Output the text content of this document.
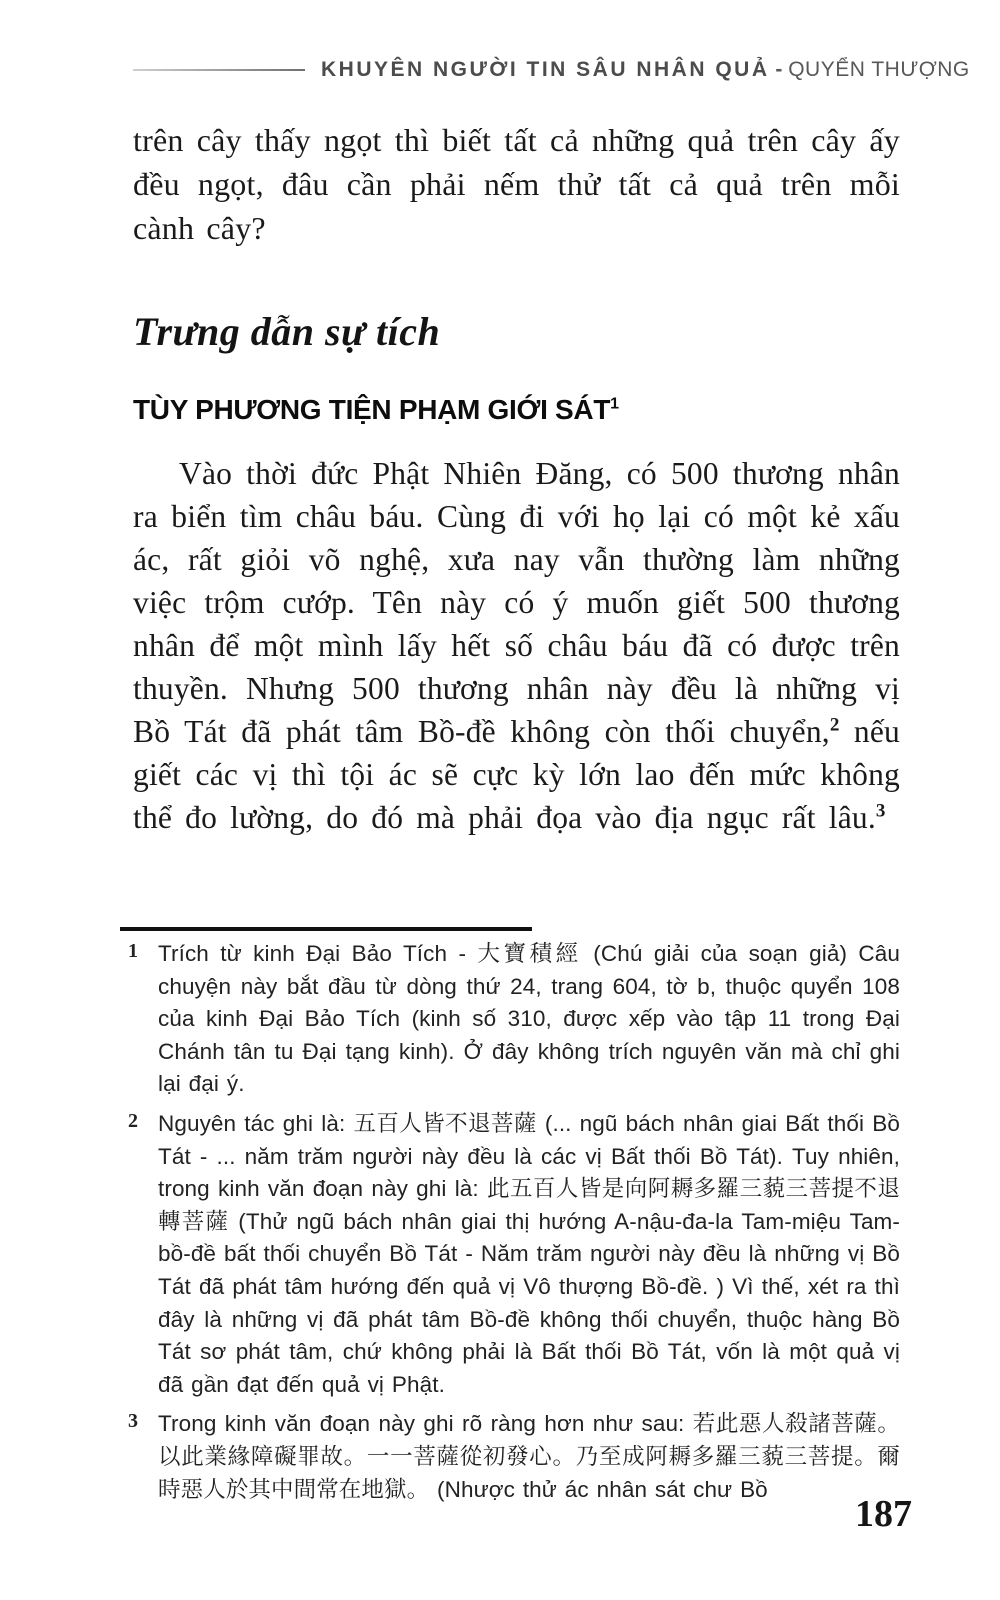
KHUYÊN NGƯỜI TIN SÂU NHÂN QUẢ - QUYỂN THƯỢNG

trên cây thấy ngọt thì biết tất cả những quả trên cây ấy đều ngọt, đâu cần phải nếm thử tất cả quả trên mỗi cành cây?

Trưng dẫn sự tích
TÙY PHƯƠNG TIỆN PHẠM GIỚI SÁT$^1$

Vào thời đức Phật Nhiên Đăng, có 500 thương nhân ra biển tìm châu báu. Cùng đi với họ lại có một kẻ xấu ác, rất giỏi võ nghệ, xưa nay vẫn thường làm những việc trộm cướp. Tên này có ý muốn giết 500 thương nhân để một mình lấy hết số châu báu đã có được trên thuyền. Nhưng 500 thương nhân này đều là những vị Bồ Tát đã phát tâm Bồ-đề không còn thối chuyển,$^2$ nếu giết các vị thì tội ác sẽ cực kỳ lớn lao đến mức không thể đo lường, do đó mà phải đọa vào địa ngục rất lâu.$^3$

1 Trích từ kinh Đại Bảo Tích - 大寶積經 (Chú giải của soạn giả) Câu chuyện này bắt đầu từ dòng thứ 24, trang 604, tờ b, thuộc quyển 108 của kinh Đại Bảo Tích (kinh số 310, được xếp vào tập 11 trong Đại Chánh tân tu Đại tạng kinh). Ở đây không trích nguyên văn mà chỉ ghi lại đại ý.
2 Nguyên tác ghi là: 五百人皆不退菩薩 (... ngũ bách nhân giai Bất thối Bồ Tát - ... năm trăm người này đều là các vị Bất thối Bồ Tát). Tuy nhiên, trong kinh văn đoạn này ghi là: 此五百人皆是向阿耨多羅三藐三菩提不退轉菩薩 (Thử ngũ bách nhân giai thị hướng A-nậu-đa-la Tam-miệu Tam-bồ-đề bất thối chuyển Bồ Tát - Năm trăm người này đều là những vị Bồ Tát đã phát tâm hướng đến quả vị Vô thượng Bồ-đề. ) Vì thế, xét ra thì đây là những vị đã phát tâm Bồ-đề không thối chuyển, thuộc hàng Bồ Tát sơ phát tâm, chứ không phải là Bất thối Bồ Tát, vốn là một quả vị đã gần đạt đến quả vị Phật.
3 Trong kinh văn đoạn này ghi rõ ràng hơn như sau: 若此惡人殺諸菩薩。以此業緣障礙罪故。一一菩薩從初發心。乃至成阿耨多羅三藐三菩提。爾時惡人於其中間常在地獄。 (Nhược thử ác nhân sát chư Bồ
187
